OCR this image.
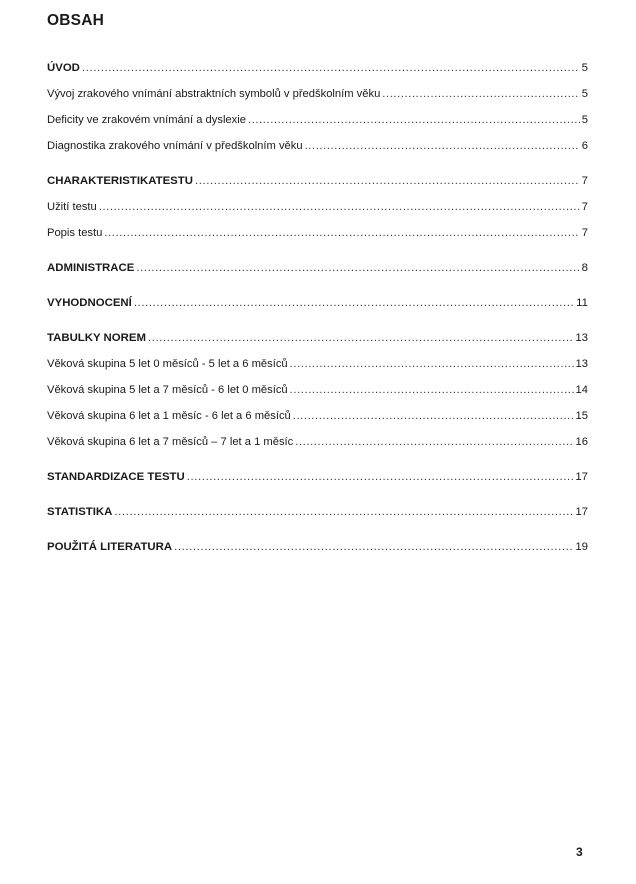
OBSAH
ÚVOD .....	5
Vývoj zrakového vnímání abstraktních symbolů v předškolním věku .....	5
Deficity ve zrakovém vnímání a dyslexie .....	5
Diagnostika zrakového vnímání v předškolním věku .....	6
CHARAKTERISTIKATESTU .....	7
Užití testu .....	7
Popis testu .....	7
ADMINISTRACE .....	8
VYHODNOCENÍ .....	11
TABULKY NOREM .....	13
Věková skupina 5 let 0 měsíců - 5 let a 6 měsíců .....	13
Věková skupina 5 let a 7 měsíců - 6 let 0 měsíců .....	14
Věková skupina 6 let a 1 měsíc - 6 let a 6 měsíců .....	15
Věková skupina 6 let a 7 měsíců – 7 let a 1 měsíc .....	16
STANDARDIZACE TESTU .....	17
STATISTIKA .....	17
POUŽITÁ LITERATURA .....	19
3
